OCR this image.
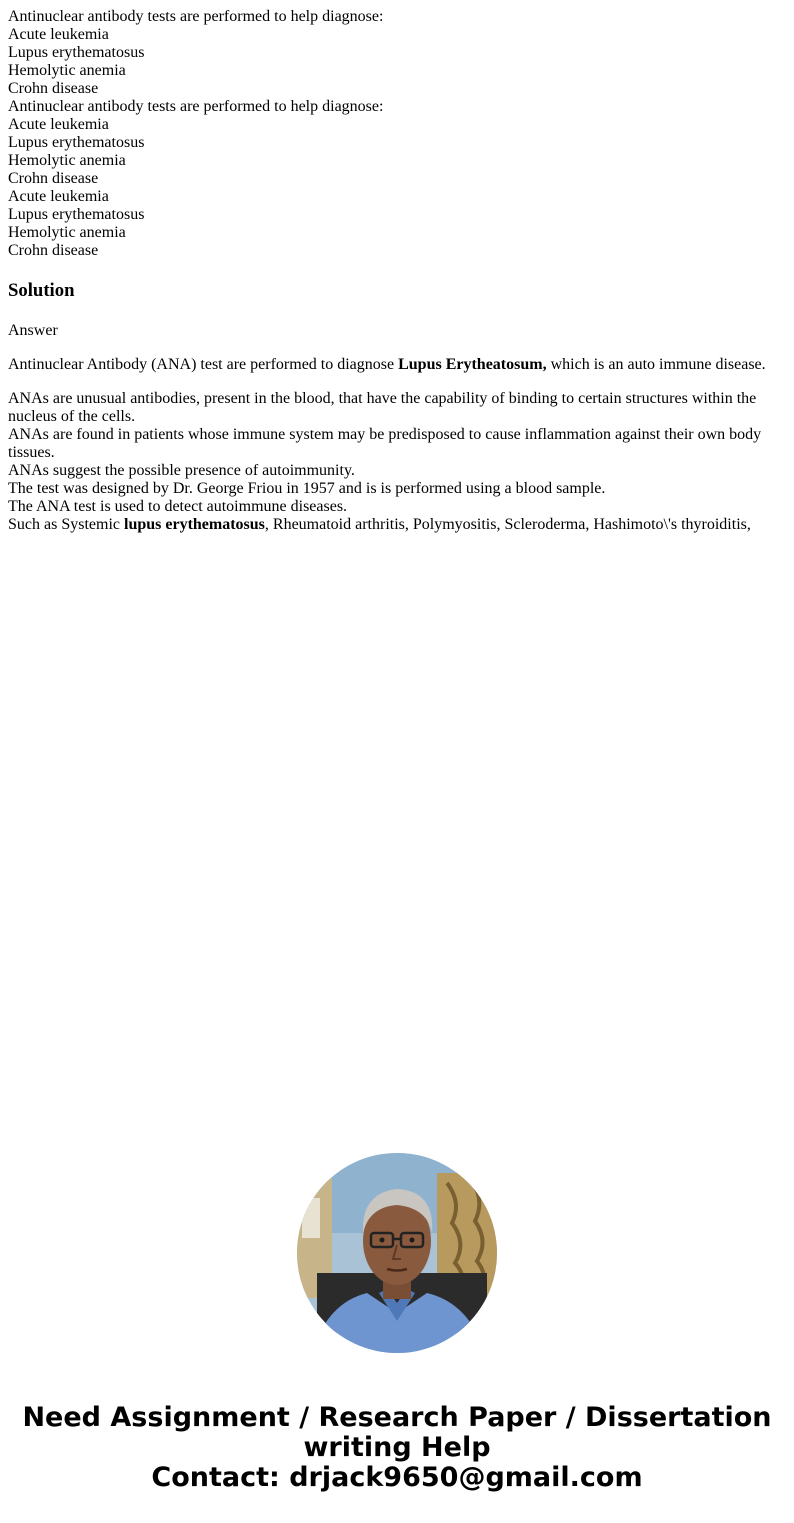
Antinuclear antibody tests are performed to help diagnose:
Acute leukemia
Lupus erythematosus
Hemolytic anemia
Crohn disease
Antinuclear antibody tests are performed to help diagnose:
Acute leukemia
Lupus erythematosus
Hemolytic anemia
Crohn disease
Acute leukemia
Lupus erythematosus
Hemolytic anemia
Crohn disease
Solution

Answer

Antinuclear Antibody (ANA) test are performed to diagnose Lupus Erytheatosum, which is an auto immune disease.

ANAs are unusual antibodies, present in the blood, that have the capability of binding to certain structures within the nucleus of the cells.
ANAs are found in patients whose immune system may be predisposed to cause inflammation against their own body tissues.
ANAs suggest the possible presence of autoimmunity.
The test was designed by Dr. George Friou in 1957 and is is performed using a blood sample.
The ANA test is used to detect autoimmune diseases.
Such as Systemic lupus erythematosus, Rheumatoid arthritis, Polymyositis, Scleroderma, Hashimoto\'s thyroiditis,
Need Assignment / Research Paper / Dissertation
writing Help
Contact: drjack9650@gmail.com
